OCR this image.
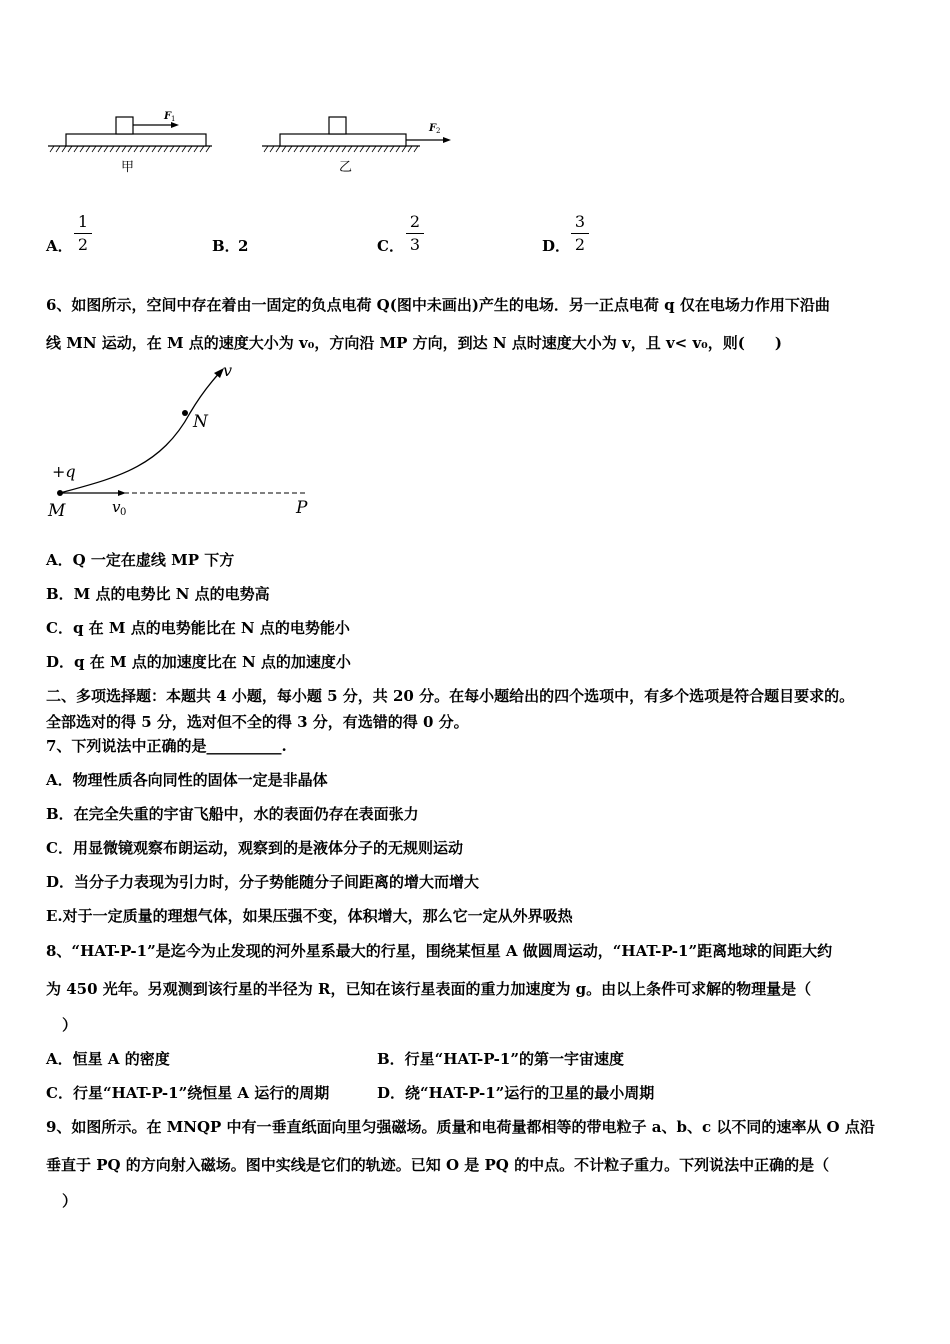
F 1
甲
F 2
乙
A．
1
2	B．
2	C．
2
3	D．
3
2
6、如图所示，空间中存在着由一固定的负点电荷 Q(图中未画出)产生的电场．另一正点电荷 q 仅在电场力作用下沿曲
线 MN 运动，在 M 点的速度大小为 v₀，方向沿 MP 方向，到达 N 点时速度大小为 v，且 v< v₀，则(　　)
v
N
+q
M	v 0	P
A．Q 一定在虚线 MP 下方
B．M 点的电势比 N 点的电势高
C．q 在 M 点的电势能比在 N 点的电势能小
D．q 在 M 点的加速度比在 N 点的加速度小
二、多项选择题：本题共 4 小题，每小题 5 分，共 20 分。在每小题给出的四个选项中，有多个选项是符合题目要求的。
全部选对的得 5 分，选对但不全的得 3 分，有选错的得 0 分。
7、下列说法中正确的是__________.
A．物理性质各向同性的固体一定是非晶体
B．在完全失重的宇宙飞船中，水的表面仍存在表面张力
C．用显微镜观察布朗运动，观察到的是液体分子的无规则运动
D．当分子力表现为引力时，分子势能随分子间距离的增大而增大
E.对于一定质量的理想气体，如果压强不变，体积增大，那么它一定从外界吸热
8、“HAT-P-1”是迄今为止发现的河外星系最大的行星，围绕某恒星 A 做圆周运动，“HAT-P-1”距离地球的间距大约
为 450 光年。另观测到该行星的半径为 R，已知在该行星表面的重力加速度为 g。由以上条件可求解的物理量是（
）
A．恒星 A 的密度	B．行星“HAT-P-1”的第一宇宙速度
C．行星“HAT-P-1”绕恒星 A 运行的周期	D．绕“HAT-P-1”运行的卫星的最小周期
9、如图所示。在 MNQP 中有一垂直纸面向里匀强磁场。质量和电荷量都相等的带电粒子 a、b、c 以不同的速率从 O 点沿
垂直于 PQ 的方向射入磁场。图中实线是它们的轨迹。已知 O 是 PQ 的中点。不计粒子重力。下列说法中正确的是（
）
